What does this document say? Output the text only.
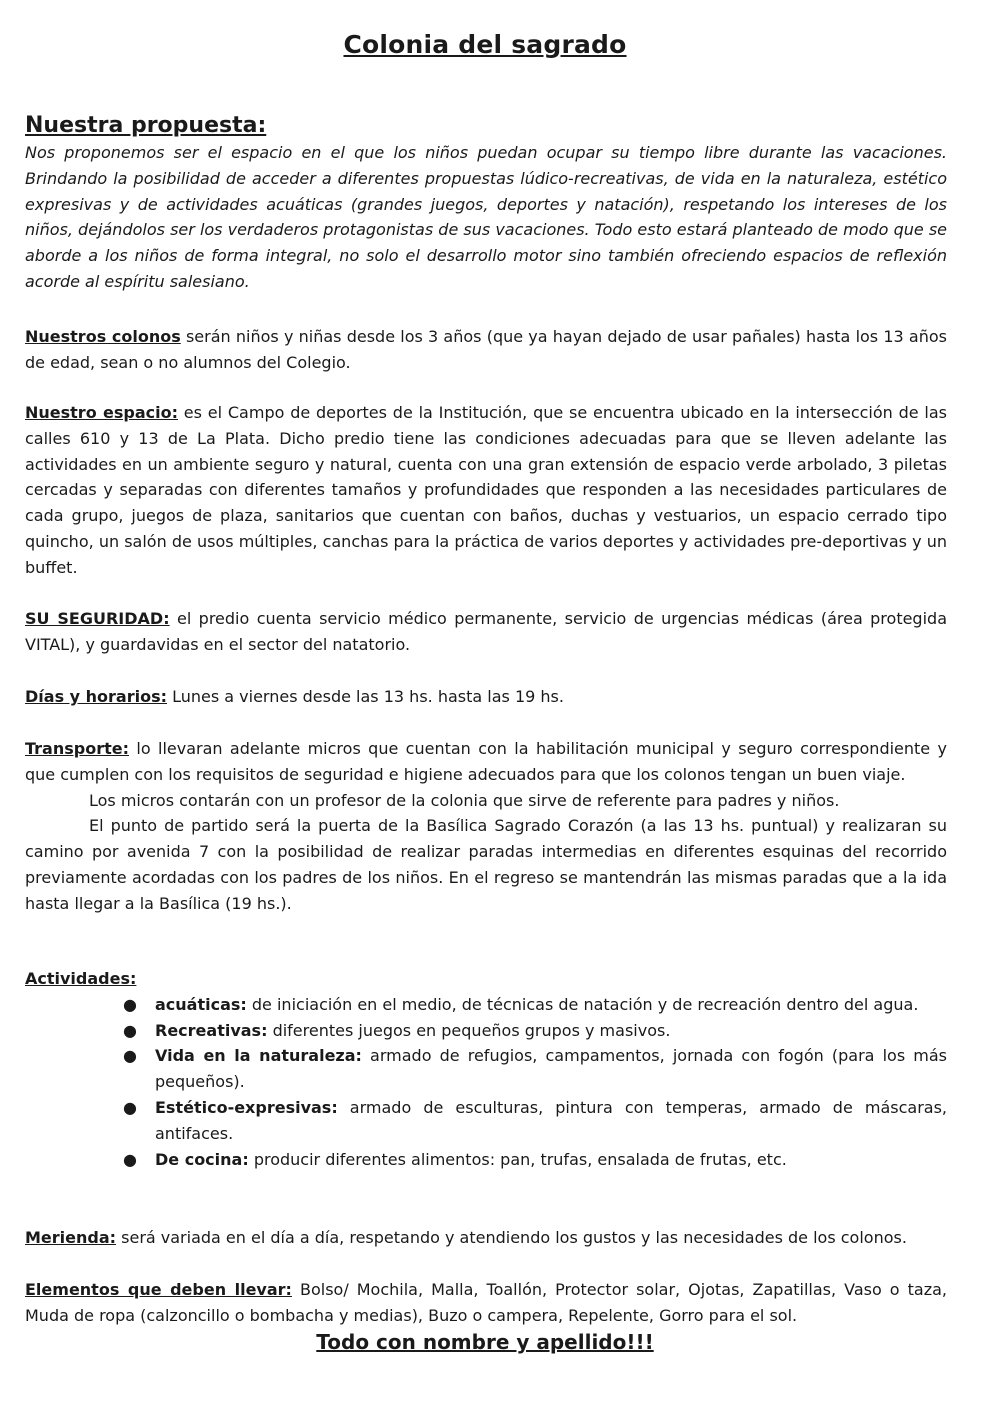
Colonia del sagrado
Nuestra propuesta:

Nos proponemos ser el espacio en el que los niños puedan ocupar su tiempo libre durante las vacaciones. Brindando la posibilidad de acceder a diferentes propuestas lúdico-recreativas, de vida en la naturaleza, estético expresivas y de actividades acuáticas (grandes juegos, deportes y natación), respetando los intereses de los niños, dejándolos ser los verdaderos protagonistas de sus vacaciones. Todo esto estará planteado de modo que se aborde a los niños de forma integral, no solo el desarrollo motor sino también ofreciendo espacios de reflexión acorde al espíritu salesiano.

Nuestros colonos serán niños y niñas desde los 3 años (que ya hayan dejado de usar pañales) hasta los 13 años de edad, sean o no alumnos del Colegio.

Nuestro espacio: es el Campo de deportes de la Institución, que se encuentra ubicado en la intersección de las calles 610 y 13 de La Plata. Dicho predio tiene las condiciones adecuadas para que se lleven adelante las actividades en un ambiente seguro y natural, cuenta con una gran extensión de espacio verde arbolado, 3 piletas cercadas y separadas con diferentes tamaños y profundidades que responden a las necesidades particulares de cada grupo, juegos de plaza, sanitarios que cuentan con baños, duchas y vestuarios, un espacio cerrado tipo quincho, un salón de usos múltiples, canchas para la práctica de varios deportes y actividades pre-deportivas y un buffet.

SU SEGURIDAD: el predio cuenta servicio médico permanente, servicio de urgencias médicas (área protegida VITAL), y guardavidas en el sector del natatorio.

Días y horarios: Lunes a viernes desde las 13 hs. hasta las 19 hs.

Transporte: lo llevaran adelante micros que cuentan con la habilitación municipal y seguro correspondiente y que cumplen con los requisitos de seguridad e higiene adecuados para que los colonos tengan un buen viaje.

Los micros contarán con un profesor de la colonia que sirve de referente para padres y niños.

El punto de partido será la puerta de la Basílica Sagrado Corazón (a las 13 hs. puntual) y realizaran su camino por avenida 7 con la posibilidad de realizar paradas intermedias en diferentes esquinas del recorrido previamente acordadas con los padres de los niños. En el regreso se mantendrán las mismas paradas que a la ida hasta llegar a la Basílica (19 hs.).

Actividades:

● acuáticas: de iniciación en el medio, de técnicas de natación y de recreación dentro del agua.
● Recreativas: diferentes juegos en pequeños grupos y masivos.
● Vida en la naturaleza: armado de refugios, campamentos, jornada con fogón (para los más pequeños).
● Estético-expresivas: armado de esculturas, pintura con temperas, armado de máscaras, antifaces.
● De cocina: producir diferentes alimentos: pan, trufas, ensalada de frutas, etc.

Merienda: será variada en el día a día, respetando y atendiendo los gustos y las necesidades de los colonos.

Elementos que deben llevar: Bolso/ Mochila, Malla, Toallón, Protector solar, Ojotas, Zapatillas, Vaso o taza, Muda de ropa (calzoncillo o bombacha y medias), Buzo o campera, Repelente, Gorro para el sol.

Todo con nombre y apellido!!!
